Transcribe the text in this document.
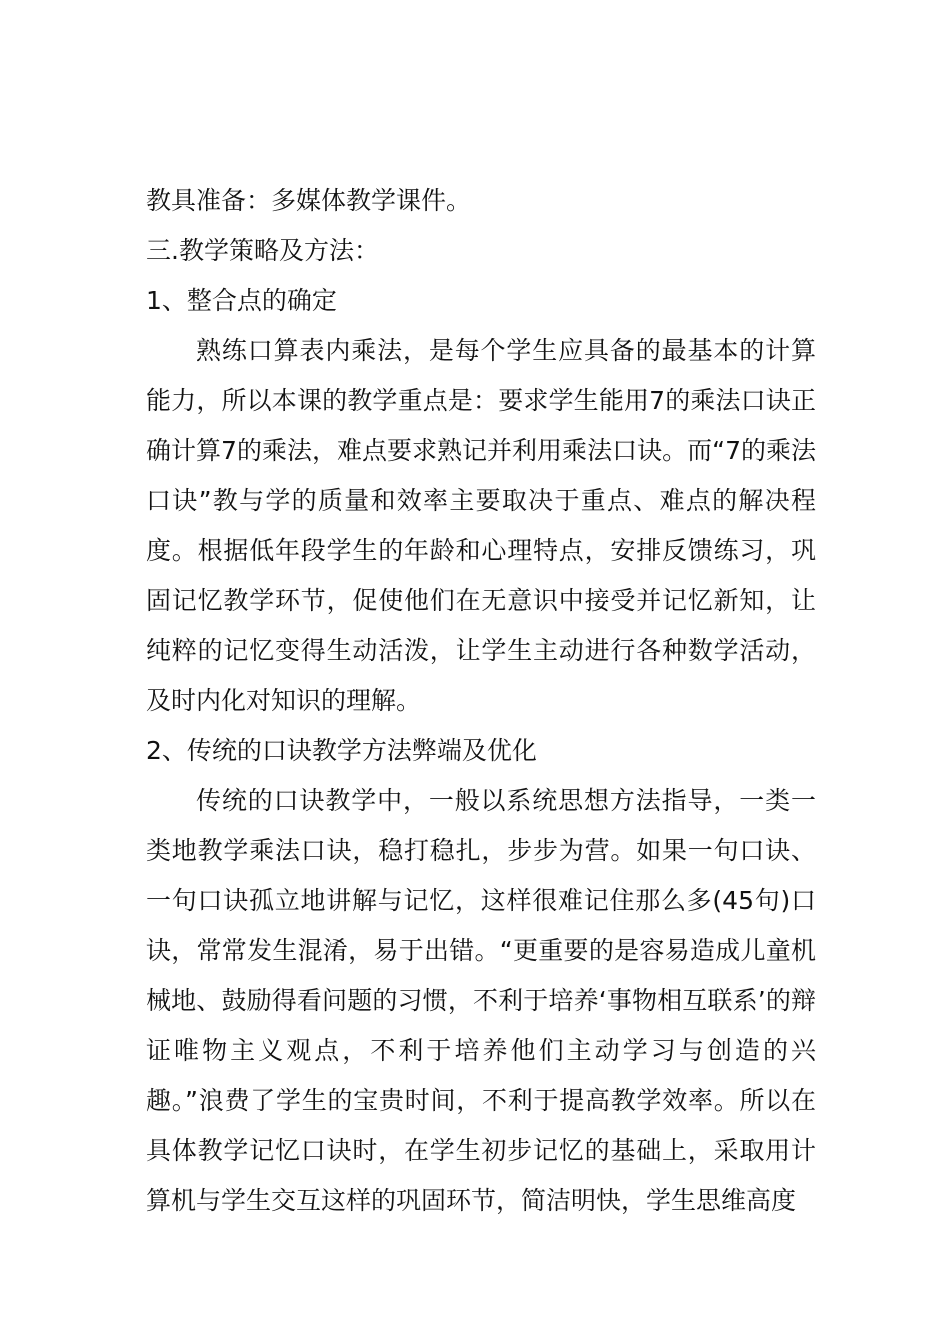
教具准备：多媒体教学课件。
三.教学策略及方法：
1、整合点的确定

熟练口算表内乘法，是每个学生应具备的最基本的计算能力，所以本课的教学重点是：要求学生能用7的乘法口诀正确计算7的乘法，难点要求熟记并利用乘法口诀。而“7的乘法口诀”教与学的质量和效率主要取决于重点、难点的解决程度。根据低年段学生的年龄和心理特点，安排反馈练习，巩固记忆教学环节，促使他们在无意识中接受并记忆新知，让纯粹的记忆变得生动活泼，让学生主动进行各种数学活动，及时内化对知识的理解。

2、传统的口诀教学方法弊端及优化

传统的口诀教学中，一般以系统思想方法指导，一类一类地教学乘法口诀，稳打稳扎，步步为营。如果一句口诀、一句口诀孤立地讲解与记忆，这样很难记住那么多(45句)口诀，常常发生混淆，易于出错。“更重要的是容易造成儿童机械地、鼓励得看问题的习惯，不利于培养‘事物相互联系’的辩证唯物主义观点，不利于培养他们主动学习与创造的兴趣。”浪费了学生的宝贵时间，不利于提高教学效率。所以在具体教学记忆口诀时，在学生初步记忆的基础上，采取用计算机与学生交互这样的巩固环节，简洁明快，学生思维高度
